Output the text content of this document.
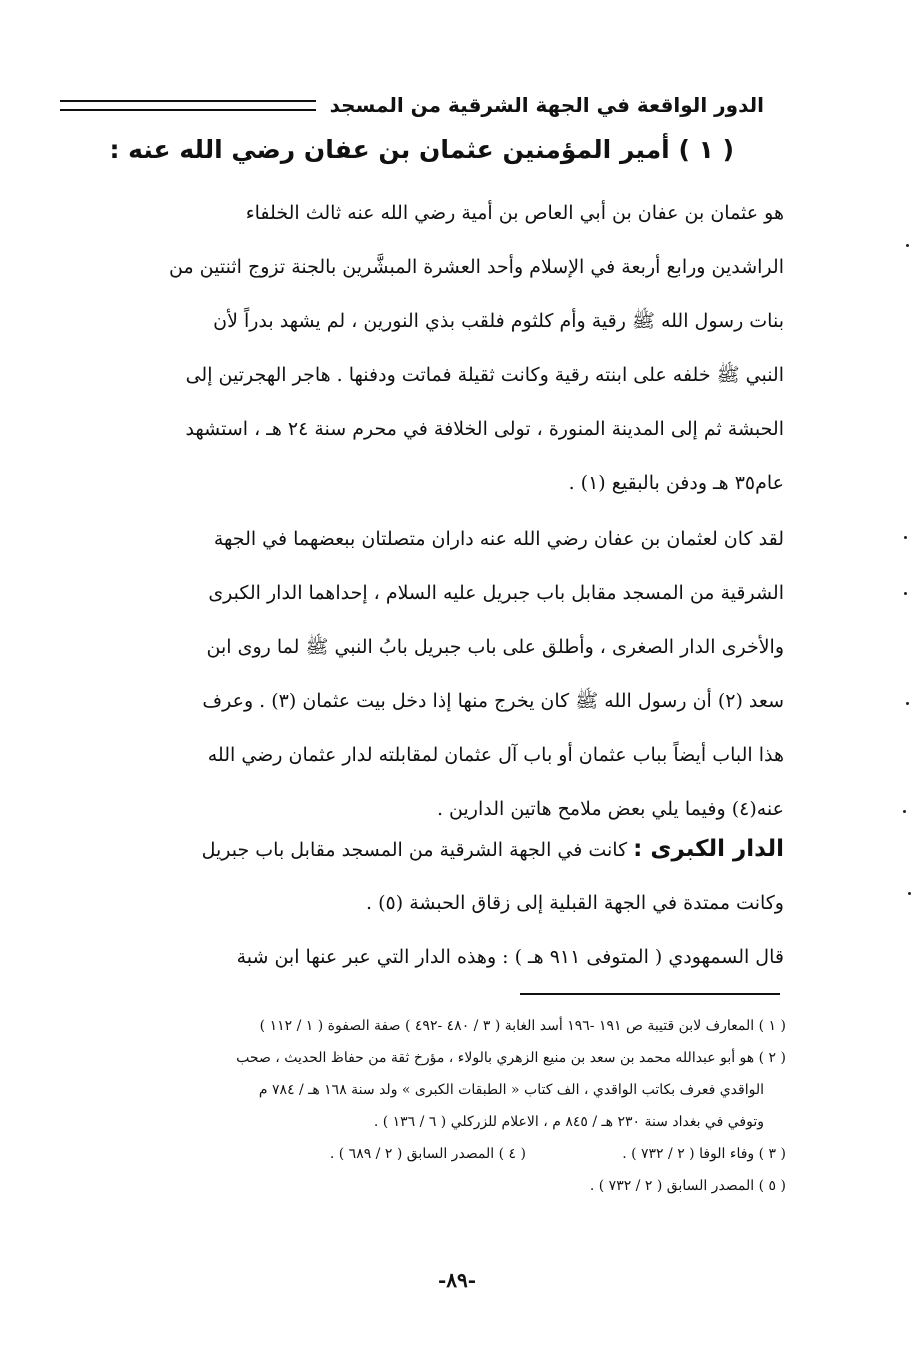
الدور الواقعة في الجهة الشرقية من المسجد
( ١ ) أمير المؤمنين عثمان بن عفان رضي الله عنه :
هو عثمان بن عفان بن أبي العاص بن أمية رضي الله عنه ثالث الخلفاء
الراشدين ورابع أربعة في الإسلام وأحد العشرة المبشَّرين بالجنة تزوج اثنتين من
بنات رسول الله ﷺ رقية وأم كلثوم فلقب بذي النورين ، لم يشهد بدراً لأن
النبي ﷺ خلفه على ابنته رقية وكانت ثقيلة فماتت ودفنها . هاجر الهجرتين إلى
الحبشة ثم إلى المدينة المنورة ، تولى الخلافة في محرم سنة ٢٤ هـ ، استشهد
عام٣٥ هـ ودفن بالبقيع (١) .
لقد كان لعثمان بن عفان رضي الله عنه داران متصلتان ببعضهما في الجهة
الشرقية من المسجد مقابل باب جبريل عليه السلام ، إحداهما الدار الكبرى
والأخرى الدار الصغرى ، وأطلق على باب جبريل بابُ النبي ﷺ لما روى ابن
سعد (٢) أن رسول الله ﷺ كان يخرج منها إذا دخل بيت عثمان (٣) . وعرف
هذا الباب أيضاً بباب عثمان أو باب آل عثمان لمقابلته لدار عثمان رضي الله
عنه(٤) وفيما يلي بعض ملامح هاتين الدارين .
الدار الكبرى : كانت في الجهة الشرقية من المسجد مقابل باب جبريل
وكانت ممتدة في الجهة القبلية إلى زقاق الحبشة (٥) .
قال السمهودي ( المتوفى ٩١١ هـ ) : وهذه الدار التي عبر عنها ابن شبة
( ١ ) المعارف لابن قتيبة ص ١٩١ -١٩٦ أسد الغابة ( ٣ / ٤٨٠ -٤٩٢ ) صفة الصفوة ( ١ / ١١٢ )
( ٢ ) هو أبو عبدالله محمد بن سعد بن منيع الزهري بالولاء ، مؤرخ ثقة من حفاظ الحديث ، صحب
الواقدي فعرف بكاتب الواقدي ، الف كتاب « الطبقات الكبرى » ولد سنة ١٦٨ هـ / ٧٨٤ م
وتوفي في بغداد سنة ٢٣٠ هـ / ٨٤٥ م ، الاعلام للزركلي ( ٦ / ١٣٦ ) .
( ٣ ) وفاء الوفا ( ٢ / ٧٣٢ ) .
( ٤ ) المصدر السابق ( ٢ / ٦٨٩ ) .
( ٥ ) المصدر السابق ( ٢ / ٧٣٢ ) .
-٨٩-
